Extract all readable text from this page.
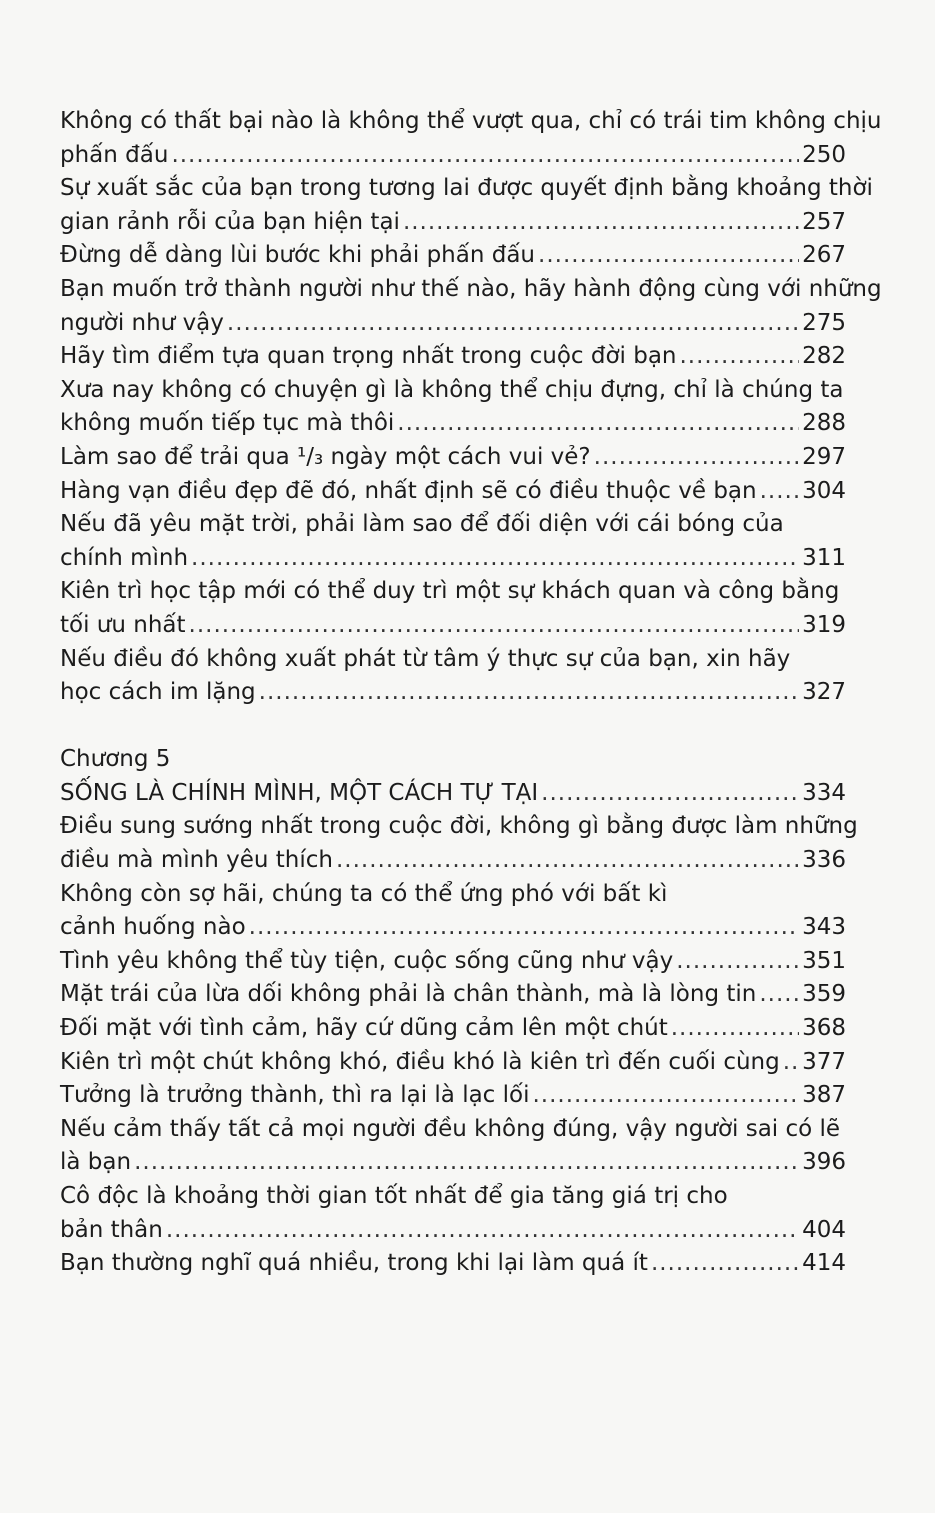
Không có thất bại nào là không thể vượt qua, chỉ có trái tim không chịu
phấn đấu .....	250
Sự xuất sắc của bạn trong tương lai được quyết định bằng khoảng thời
gian rảnh rỗi của bạn hiện tại .....	257
Đừng dễ dàng lùi bước khi phải phấn đấu .....	267
Bạn muốn trở thành người như thế nào, hãy hành động cùng với những
người như vậy .....	275
Hãy tìm điểm tựa quan trọng nhất trong cuộc đời bạn .....	282
Xưa nay không có chuyện gì là không thể chịu đựng, chỉ là chúng ta
không muốn tiếp tục mà thôi .....	288
Làm sao để trải qua ¹/₃ ngày một cách vui vẻ? .....	297
Hàng vạn điều đẹp đẽ đó, nhất định sẽ có điều thuộc về bạn ..... 304
Nếu đã yêu mặt trời, phải làm sao để đối diện với cái bóng của
chính mình .....	311
Kiên trì học tập mới có thể duy trì một sự khách quan và công bằng
tối ưu nhất .....	319
Nếu điều đó không xuất phát từ tâm ý thực sự của bạn, xin hãy
học cách im lặng .....	327
Chương 5
SỐNG LÀ CHÍNH MÌNH, MỘT CÁCH TỰ TẠI .....	334
Điều sung sướng nhất trong cuộc đời, không gì bằng được làm những
điều mà mình yêu thích .....	336
Không còn sợ hãi, chúng ta có thể ứng phó với bất kì
cảnh huống nào .....	343
Tình yêu không thể tùy tiện, cuộc sống cũng như vậy .....	351
Mặt trái của lừa dối không phải là chân thành, mà là lòng tin ..... 359
Đối mặt với tình cảm, hãy cứ dũng cảm lên một chút .....	368
Kiên trì một chút không khó, điều khó là kiên trì đến cuối cùng ..... 377
Tưởng là trưởng thành, thì ra lại là lạc lối .....	387
Nếu cảm thấy tất cả mọi người đều không đúng, vậy người sai có lẽ
là bạn .....	396
Cô độc là khoảng thời gian tốt nhất để gia tăng giá trị cho
bản thân .....	404
Bạn thường nghĩ quá nhiều, trong khi lại làm quá ít .....	414
